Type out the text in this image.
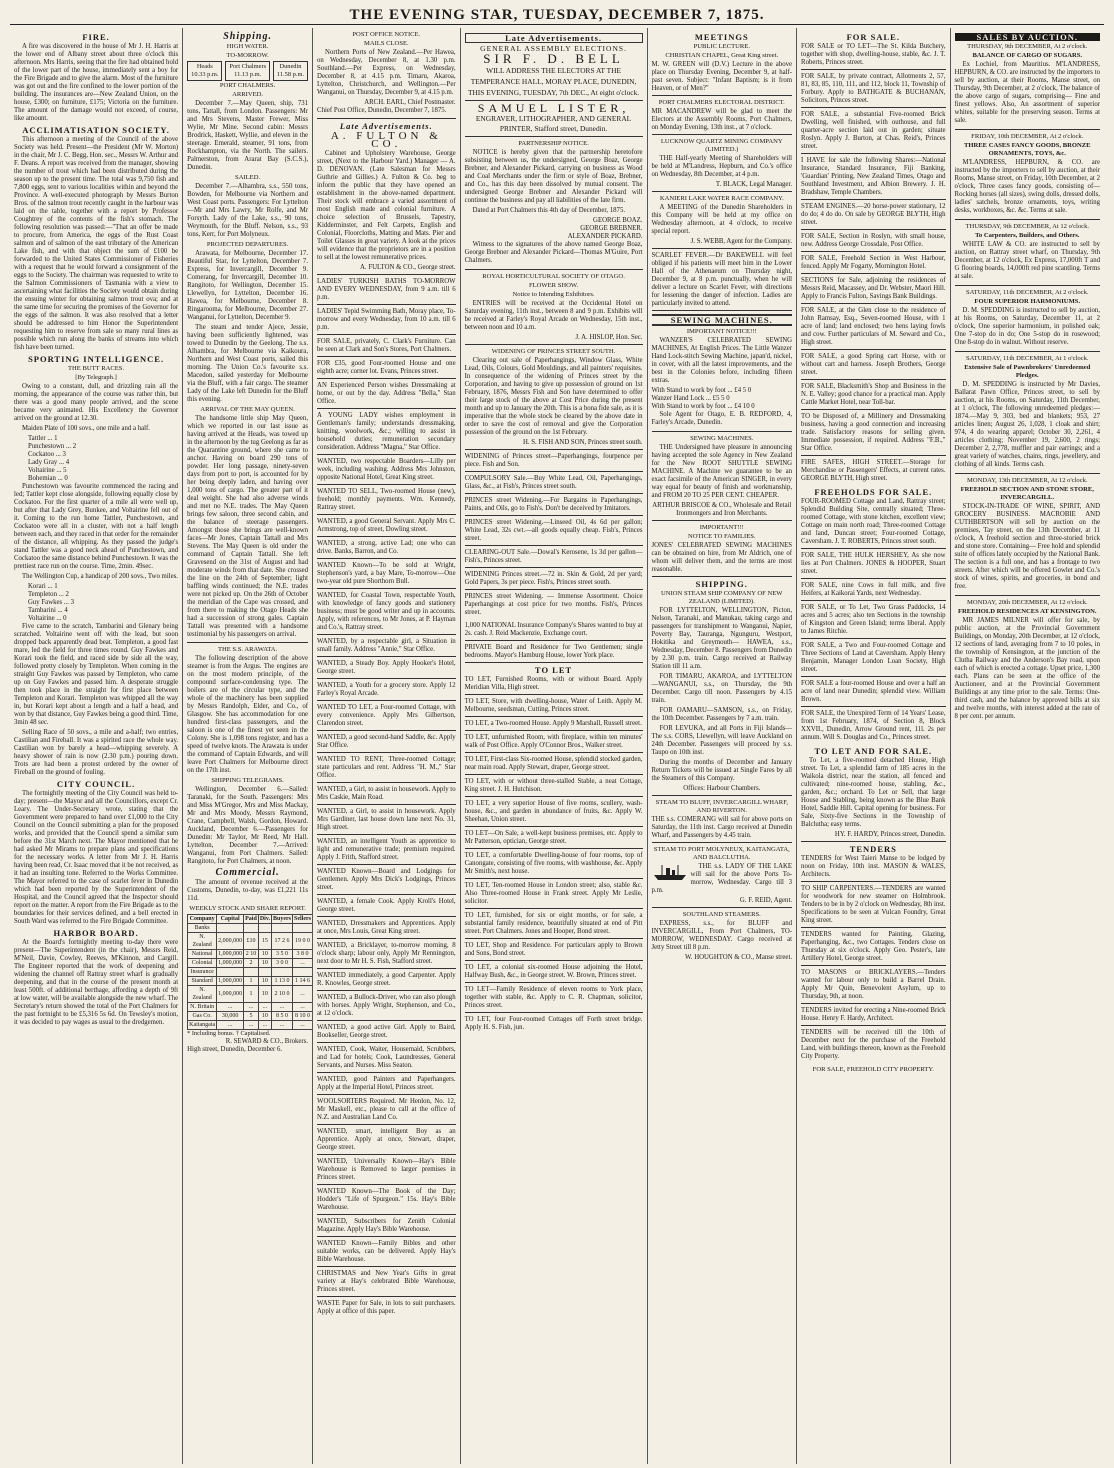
THE EVENING STAR, TUESDAY, DECEMBER 7, 1875.
FIRE.
A fire was discovered in the house of Mr J. H. Harris at the lower end of Albany street about three o'clock this afternoon. Mrs Harris, seeing that the fire had obtained hold of the lower part of the house, immediately sent a boy for the Fire Brigade and to give the alarm. Most of the furniture was got out and the fire confined to the lower portion of the building. The insurances are—New Zealand Union, on the house, £300; on furniture, £175; Victoria on the furniture. The amount of the damage would not exceed, of course, like amount.
ACCLIMATISATION SOCIETY.
This afternoon a meeting of the Council of the above Society was held. Present—the President (Mr W. Morton) in the chair, Mr J. C. Begg, Hon. sec., Messrs W. Arthur and F. Deans. A report was received from the manager, showing the number of trout which had been distributed during the season up to the present time. The total was 9,750 fish and 7,800 eggs, sent to various localities within and beyond the Province. A well-executed photograph by Messrs Burton Bros. of the salmon trout recently caught in the harbour was laid on the table, together with a report by Professor Coughtrey of the contents of the fish's stomach. The following resolution was passed:—"That an offer be made to procure, from America, the eggs of the Rust Coast salmon and of salmon of the east tributary of the American Lake fish, and with that object the sum of £100 be forwarded to the United States Commissioner of Fisheries with a request that he would forward a consignment of the eggs to the Society. The chairman was requested to write to the Salmon Commissioners of Tasmania with a view to ascertaining what facilities the Society would obtain during the ensuing winter for obtaining salmon trout ova; and at the same time for securing the promises of the Governor for the eggs of the salmon. It was also resolved that a letter should be addressed to him Honor the Superintendent requesting him to reserve from sale so many rural lines as possible which run along the banks of streams into which fish have been turned.
SPORTING INTELLIGENCE.
THE BUTT RACES.
[By Telegraph.]
Owing to a constant, dull, and drizzling rain all the morning, the appearance of the course was rather thin, but there was a good many people arrived, and the scene became very animated. His Excellency the Governor arrived on the ground at 12.30.
Maiden Plate of 100 sovs., one mile and a half.
Tattler ... 1
Punchestown ... 2
Cockatoo ... 3
Lady Gray ... 4
Voltairine ... 5
Bohemian ... 0
Punchestown was favourite commenced the racing and led; Tattler kept close alongside, following equally close by Cockatoo. For the first quarter of a mile all were well up, but after that Lady Grey, Bunkee, and Voltairine fell out of it. Coming to the run home Tattler, Punchestown, and Cockatoo were all in a cluster, with not a half length between each, and they raced in that order for the remainder of the distance, all whipping. As they passed the judge's stand Tattler was a good neck ahead of Punchestown, and Cockatoo the same distance behind Punchestown. It was the prettiest race run on the course. Time, 2min. 49sec.
The Wellington Cup, a handicap of 200 sovs., Two miles.
Korari ... 1
Templeton ... 2
Guy Fawkes ... 3
Tambarini ... 4
Voltairine ... 0
Five came to the scratch, Tambarini and Glenary being scratched. Voltairine went off with the lead, but soon dropped back apparently dead beat. Templeton, a good fast mare, led the field for three times round. Guy Fawkes and Korari took the field, and raced side by side all the way, followed pretty closely by Templeton. When coming in the straight Guy Fawkes was passed by Templeton, who came up on Guy Fawkes and passed him. A desperate struggle then took place in the straight for first place between Templeton and Korari. Templeton was whipped all the way in, but Korari kept about a length and a half a head, and won by that distance, Guy Fawkes being a good third. Time, 3min 48 sec.
Selling Race of 50 sovs., a mile and a-half; two entries, Castilian and Fireball. It was a spirited race the whole way. Castilian won by barely a head—whipping severely. A heavy shower of rain is now (2.30 p.m.) pouring down. Trots are had been a protest ordered by the owner of Fireball on the ground of fouling.
CITY COUNCIL.
The fortnightly meeting of the City Council was held to-day; present—the Mayor and all the Councillors, except Cr. Leary. The Under-Secretary wrote, stating that the Government were prepared to hand over £1,000 to the City Council on the Council submitting a plan for the proposed works, and provided that the Council spend a similar sum before the 31st March next. The Mayor mentioned that he had asked Mr Mirams to prepare plans and specifications for the necessary works. A letter from Mr J. H. Harris having been read, Cr. Isaac moved that it be not received, as it had an insulting tone. Referred to the Works Committee. The Mayor referred to the case of scarlet fever in Dunedin which had been reported by the Superintendent of the Hospital, and the Council agreed that the Inspector should report on the matter. A report from the Fire Brigade as to the boundaries for their services defined, and a bell erected in South Ward was referred to the Fire Brigade Committee.
HARBOR BOARD.
At the Board's fortnightly meeting to-day there were present—The Superintendent (in the chair), Messrs Reid, M'Neil, Davie, Cowley, Reeves, M'Kinnon, and Cargill. The Engineer reported that the work of deepening and widening the channel off Rattray street wharf is gradually deepening, and that in the course of the present month at least 500ft. of additional berthage, affording a depth of 9ft at low water, will be available alongside the new wharf. The Secretary's return showed the total of the Port Chalmers for the past fortnight to be £5,316 5s 6d. On Tewsley's motion, it was decided to pay wages as usual to the dredgemen.
Shipping.
HIGH WATER.
TO-MORROW.
Heads
10.33 p.m.
Port Chalmers
11.13 p.m.
Dunedin
11.58 p.m.
PORT CHALMERS.
ARRIVED.
December 7.—May Queen, ship, 731 tons, Tattall, from London. Passengers: Mr and Mrs Stevens, Master Frewer, Miss Wylie, Mr Mine. Second cabin: Messrs Brodrick, Haskett, Wyllie, and eleven in the steerage. Emerald, steamer, 91 tons, from Rockhampton, via the North. The sailers. Palmerston, from Ararat Bay (S.C.S.), Dunedin.
SAILED.
December 7.—Alhambra, s.s., 550 tons, Bowden, for Melbourne via Northern and West Coast ports. Passengers: For Lyttelton—Mr and Mrs Lawry, Mr Rolfe, and Mr Forsyth. Lady of the Lake, s.s., 90 tons, Weymouth, for the Bluff. Nelson, s.s., 93 tons, Kerr, for Port Molyneux.
PROJECTED DEPARTURES.
Arawata, for Melbourne, December 17. Beautiful Star, for Lyttelton, December 7. Express, for Invercargill, December 9. Comerang, for Invercargill, December 10. Rangitoto, for Wellington, December 15. Llewellyn, for Lyttelton, December 16. Hawea, for Melbourne, December 8. Ringarooma, for Melbourne, December 27. Wanganui, for Lyttelton, December 9.
The steam and tender Ajece, Jessie, having been sufficiently lightened, was towed to Dunedin by the Geelong. The s.s. Alhambra, for Melbourne via Kaikoura, Northern and West Coast ports, sailed this morning. The Union Co.'s favourite s.s. Macedon, sailed yesterday for Melbourne via the Bluff, with a fair cargo. The steamer Lady of the Lake left Dunedin for the Bluff this evening.
ARRIVAL OF THE MAY QUEEN.
The handsome little ship May Queen, which we reported in our last issue as having arrived at the Heads, was towed up in the afternoon by the tug Geelong as far as the Quarantine ground, where she came to anchor. Having on board 290 tons of powder. Her long passage, ninety-seven days from port to port, is accounted for by her being deeply laden, and having over 1,000 tons of cargo. The greater part of it deal weight. She had also adverse winds and met no N.E. trades. The May Queen brings few saloon, three second cabin, and the balance of steerage passengers. Amongst those she brings are well-known faces—Mr Jones, Captain Tattall and Mrs Stevens. The May Queen is old under the command of Captain Tattall. She left Gravesend on the 31st of August and had moderate winds from that date. She crossed the line on the 24th of September; light baffling winds continued; the N.E. trades were not picked up. On the 26th of October the meridian of the Cape was crossed, and from there to making the Otago Heads she had a succession of strong gales. Captain Tattall was presented with a handsome testimonial by his passengers on arrival.
THE S.S. ARAWATA.
The following description of the above steamer is from the Argus. The engines are on the most modern principle, of the compound surface-condensing type. The boilers are of the circular type, and the whole of the machinery has been supplied by Messrs Randolph, Elder, and Co., of Glasgow. She has accommodation for one hundred first-class passengers, and the saloon is one of the finest yet seen in the Colony. She is 1,098 tons register, and has a speed of twelve knots. The Arawata is under the command of Captain Edwards, and will leave Port Chalmers for Melbourne direct on the 17th inst.
SHIPPING TELEGRAMS.
Wellington, December 6.—Sailed: Taranaki, for the South. Passengers: Mrs and Miss M'Gregor, Mrs and Miss Mackay, Mr and Mrs Moody, Messrs Raymond, Crane, Campbell, Walsh, Gordon, Howard. Auckland, December 6.—Passengers for Dunedin: Mr Taylor, Mr Reed, Mr Hall. Lyttelton, December 7.—Arrived: Wanganui, from Port Chalmers. Sailed: Rangitoto, for Port Chalmers, at noon.
Commercial.
The amount of revenue received at the Customs, Dunedin, to-day, was £1,221 11s 11d.
WEEKLY STOCK AND SHARE REPORT.
Company	Capital	Paid	Div.	Buyers	Sellers
Banks					
N. Zealand	2,000,000	£10	15	17 2 6	19 0 0
National	1,000,000	2 10	10	3 5 0	3 8 0
Colonial	1,000,000	2	10	3 0 0	...
Insurance					
Standard	1,000,000	1	10	1 13 0	1 14 6
N. Zealand	1,000,000	1	10	2 10 0	...
N. Britain	...	...	...	...	...
Gas Co.	30,000	5	10	8 5 0	8 10 0
Kaitangata	...	...	...	...	...
* Including bonus. † Capitalised.
R. SEWARD & CO., Brokers.
High street, Dunedin, December 6.
POST OFFICE NOTICE.
MAILS CLOSE.
Northern Ports of New Zealand.—Per Hawea, on Wednesday, December 8, at 1.30 p.m. Southland.—Per Express, on Wednesday, December 8, at 4.15 p.m. Timaru, Akaroa, Lyttelton, Christchurch, and Wellington.—Per Wanganui, on Thursday, December 9, at 4.15 p.m.
ARCH. EARL, Chief Postmaster.
Chief Post Office, Dunedin, December 7, 1875.
Late Advertisements.
A. FULTON & CO.
Cabinet and Upholstery Warehouse, George street, (Next to the Harbour Yard.) Manager — A. D. DENOVAN. (Late Salesman for Messrs Guthrie and Gillies.) A. Fulton & Co. beg to inform the public that they have opened an establishment in the above-named department. Their stock will embrace a varied assortment of most English made and colonial furniture. A choice selection of Brussels, Tapestry, Kidderminster, and Felt Carpets, English and Colonial, Floorcloths, Matting and Mats. Pier and Toilet Glasses in great variety. A look at the prices will evidence that the proprietors are in a position to sell at the lowest remunerative prices.
A. FULTON & CO., George street.
LADIES' TURKISH BATHS TO-MORROW AND EVERY WEDNESDAY, from 9 a.m. till 6 p.m.
LADIES' Tepid Swimming Bath, Moray place, To-morrow and every Wednesday, from 10 a.m. till 6 p.m.
FOR SALE, privately, C. Clark's Furniture. Can be seen at Clark and Son's Stores, Port Chalmers.
FOR £35, good Four-roomed House and one eighth acre; corner lot. Evans, Princes street.
AN Experienced Person wishes Dressmaking at home, or out by the day. Address "Bella," Stan Office.
A YOUNG LADY wishes employment in Gentleman's family; understands dressmaking, knitting, woolwork, &c.; willing to assist in household duties; remuneration secondary consideration. Address "Magna," Star Office.
WANTED, two respectable Boarders—Lilly per week, including washing. Address Mrs Johnston, opposite National Hotel, Great King street.
WANTED TO SELL, Two-roomed House (new), freehold; monthly payments. Wm. Kennedy, Rattray street.
WANTED, a good General Servant. Apply Mrs C. Armstrong, top of street, Dowling street.
WANTED, a strong, active Lad; one who can drive. Banks, Barron, and Co.
WANTED Known—To be sold at Wright, Stephenson's yard, a bay Mare, To-morrow—One two-year old pure Shorthorn Bull.
WANTED, for Coastal Town, respectable Youth, with knowledge of fancy goods and stationery business; must be good writer and up in accounts. Apply, with references, to Mr Jones, at P. Hayman and Co.'s, Rattray street.
WANTED, by a respectable girl, a Situation in small family. Address "Annie," Star Office.
WANTED, a Steady Boy. Apply Hooker's Hotel, George street.
WANTED, a Youth for a grocery store. Apply 12 Farley's Royal Arcade.
WANTED TO LET, a Four-roomed Cottage, with every convenience. Apply Mrs Gilbertson, Clarendon street.
WANTED, a good second-hand Saddle, &c. Apply Star Office.
WANTED TO RENT, Three-roomed Cottage; state particulars and rent. Address "H. M.," Star Office.
WANTED, a Girl, to assist in housework. Apply to Mrs Caskie, Main Road.
WANTED, a Girl, to assist in housework. Apply Mrs Gardiner, last house down lane next No. 31, High street.
WANTED, an intelligent Youth as apprentice to light and remunerative trade; premium required. Apply J. Frith, Stafford street.
WANTED Known—Board and Lodgings for Gentlemen. Apply Mrs Dick's Lodgings, Princes street.
WANTED, a female Cook. Apply Kroll's Hotel, George street.
WANTED, Dressmakers and Apprentices. Apply at once, Mrs Louis, Great King street.
WANTED, a Bricklayer, to-morrow morning, 8 o'clock sharp; labour only, Apply Mr Rennington, next door to Mr H. S. Fish, Stafford street.
WANTED immediately, a good Carpenter. Apply R. Knowles, George street.
WANTED, a Bullock-Driver, who can also plough with horses. Apply Wright, Stephenson, and Co., at 12 o'clock.
WANTED, a good active Girl. Apply to Baird, Bookseller, George street.
WANTED, Cook, Waiter, Housemaid, Scrubbers, and Lad for hotels; Cook, Laundresses, General Servants, and Nurses. Miss Seaton.
WANTED, good Painters and Paperhangers. Apply at the Imperial Hotel, Princes street.
WOOLSORTERS Required. Mr Henlon, No. 12, Mr Maskell, etc., please to call at the office of N.Z. and Australian Land Co.
WANTED, smart, intelligent Boy as an Apprentice. Apply at once, Stewart, draper, George street.
WANTED, Universally Known—Hay's Bible Warehouse is Removed to larger premises in Princes street.
WANTED Known—The Book of the Day; Hodder's "Life of Spurgeon." 15s. Hay's Bible Warehouse.
WANTED, Subscribers for Zenith Colonial Magazine. Apply Hay's Bible Warehouse.
WANTED Known—Family Bibles and other suitable works, can be delivered. Apply Hay's Bible Warehouse.
CHRISTMAS and New Year's Gifts in great variety at Hay's celebrated Bible Warehouse, Princes street.
WASTE Paper for Sale, in lots to suit purchasers. Apply at office of this paper.
Late Advertisements.
GENERAL ASSEMBLY ELECTIONS.
SIR F. D. BELL
WILL ADDRESS THE ELECTORS AT THE TEMPERANCE HALL, MORAY PLACE, DUNEDIN, THIS EVENING, TUESDAY, 7th DEC., At eight o'clock.
SAMUEL LISTER,
ENGRAVER, LITHOGRAPHER, AND GENERAL PRINTER, Stafford street, Dunedin.
PARTNERSHIP NOTICE.
NOTICE is hereby given that the partnership heretofore subsisting between us, the undersigned, George Boaz, George Brebner, and Alexander Pickard, carrying on business as Wood and Coal Merchants under the firm or style of Boaz, Brebner, and Co., has this day been dissolved by mutual consent. The undersigned George Brebner and Alexander Pickard will continue the business and pay all liabilities of the late firm.
Dated at Port Chalmers this 4th day of December, 1875.
GEORGE BOAZ.
GEORGE BREBNER.
ALEXANDER PICKARD.
Witness to the signatures of the above named George Boaz, George Brebner and Alexander Pickard—Thomas M'Guire, Port Chalmers.
ROYAL HORTICULTURAL SOCIETY OF OTAGO.
FLOWER SHOW.
Notice to Intending Exhibitors.
ENTRIES will be received at the Occidental Hotel on Saturday evening, 11th inst., between 8 and 9 p.m. Exhibits will be received at Farley's Royal Arcade on Wednesday, 15th inst., between noon and 10 a.m.
J. A. HISLOP, Hon. Sec.
WIDENING OF PRINCES STREET SOUTH.
Clearing out sale of Paperhangings, Window Glass, White Lead, Oils, Colours, Gold Mouldings, and all painters' requisites. In consequence of the widening of Princes street by the Corporation, and having to give up possession of ground on 1st February, 1876, Messrs Fish and Son have determined to offer their large stock of the above at Cost Price during the present month and up to January the 20th. This is a bona fide sale, as it is imperative that the whole stock be cleared by the above date in order to save the cost of removal and give the Corporation possession of the ground on the 1st February.
H. S. FISH AND SON, Princes street south.
WIDENING of Princes street—Paperhangings, fourpence per piece. Fish and Son.
COMPULSORY Sale.—Buy White Lead, Oil, Paperhangings, Glass, &c., at Fish's, Princes street south.
PRINCES street Widening.—For Bargains in Paperhangings, Paints, and Oils, go to Fish's. Don't be deceived by Imitators.
PRINCES street Widening.—Linseed Oil, 4s 6d per gallon; White Lead, 32s cwt.—all goods equally cheap. Fish's, Princes street.
CLEARING-OUT Sale.—Dowal's Kerosene, 1s 3d per gallon—Fish's, Princes street.
WIDENING Princes street.—72 in. Skin & Gold, 2d per yard; Gold Papers, 3s per piece. Fish's, Princes street south.
PRINCES street Widening. — Immense Assortment. Choice Paperhangings at cost price for two months. Fish's, Princes street.
1,000 NATIONAL Insurance Company's Shares wanted to buy at 2s. cash. J. Reid Mackenzie, Exchange court.
PRIVATE Board and Residence for Two Gentlemen; single bedrooms. Mayor's Hamburg House, lower York place.
TO LET
TO LET, Furnished Rooms, with or without Board. Apply Meridian Villa, High street.
TO LET, Store, with dwelling-house, Water of Leith. Apply M. Melbourne, seedsman, Cutting, Princes street.
TO LET, a Two-roomed House. Apply 9 Marshall, Russell street.
TO LET, unfurnished Room, with fireplace, within ten minutes' walk of Post Office. Apply O'Connor Bros., Walker street.
TO LET, First-class Six-roomed House, splendid stocked garden, near main road. Apply Stewart, draper, George street.
TO LET, with or without three-stalled Stable, a neat Cottage, King street. J. H. Hutchison.
TO LET, a very superior House of five rooms, scullery, wash-house, &c., and garden in abundance of fruits, &c. Apply W. Sheehan, Union street.
TO LET—On Sale, a well-kept business premises, etc. Apply to Mr Patterson, optician, George street.
TO LET, a comfortable Dwelling-house of four rooms, top of Canongate, consisting of five rooms, with washhouse, &c. Apply Mr Smith's, next house.
TO LET, Ten-roomed House in London street; also, stable &c. Also Three-roomed House in Frank street. Apply Mr Leslie, solicitor.
TO LET, furnished, for six or eight months, or for sale, a substantial family residence, beautifully situated at end of Pitt street. Port Chalmers. Jones and Hooper, Bond street.
TO LET, Shop and Residence. For particulars apply to Brown and Sons, Bond street.
TO LET, a colonial six-roomed House adjoining the Hotel, Halfway Bush, &c., in George street. W. Brown, Princes street.
TO LET—Family Residence of eleven rooms to York place, together with stable, &c. Apply to C. R. Chapman, solicitor, Princes street.
TO LET, four Four-roomed Cottages off Forth street bridge. Apply H. S. Fish, jun.
MEETINGS
PUBLIC LECTURE.
CHRISTIAN CHAPEL, Great King street.
M. W. GREEN will (D.V.) Lecture in the above place on Thursday Evening, December 9, at half-past seven. Subject: "Infant Baptism; is it from Heaven, or of Men?"
PORT CHALMERS ELECTORAL DISTRICT.
MR MACANDREW will be glad to meet the Electors at the Assembly Rooms, Port Chalmers, on Monday Evening, 13th inst., at 7 o'clock.
LUCKNOW QUARTZ MINING COMPANY (LIMITED.)
THE Half-yearly Meeting of Shareholders will be held at M'Landress, Hepburn, and Co.'s office on Wednesday, 8th December, at 4 p.m.
T. BLACK, Legal Manager.
KANIERI LAKE WATER RACE COMPANY.
A MEETING of the Dunedin Shareholders in this Company will be held at my office on Wednesday afternoon, at 4 o'clock, to receive special report.
J. S. WEBB, Agent for the Company.
SCARLET FEVER.—Dr BAKEWELL will feel obliged if his patients will meet him in the Lower Hall of the Athenaeum on Thursday night, December 9, at 8 p.m. punctually, when he will deliver a lecture on Scarlet Fever, with directions for lessening the danger of infection. Ladies are particularly invited to attend.
SEWING MACHINES.
IMPORTANT NOTICE!!!
WANZER'S CELEBRATED SEWING MACHINES, At English Prices. The Little Wanzer Hand Lock-stitch Sewing Machine, japan'd, nickel, in cover, with all the latest improvements, and the best in the Colonies before, including fifteen extras.
With Stand to work by foot ... £4 5 0
Wanzer Hand Lock ... £5 5 0
With Stand to work by foot ... £4 10 0
Sole Agent for Otago, E. B. REDFORD, 4, Farley's Arcade, Dunedin.
SEWING MACHINES.
THE Undersigned have pleasure in announcing having accepted the sole Agency in New Zealand for the New ROOT SHUTTLE SEWING MACHINE. A Machine we guarantee to be an exact facsimile of the American SINGER, in every way equal for beauty of finish and workmanship, and FROM 20 TO 25 PER CENT. CHEAPER.
ARTHUR BRISCOE & CO., Wholesale and Retail Ironmongers and Iron Merchants.
IMPORTANT!!!
NOTICE TO FAMILIES.
JONES' CELEBRATED SEWING MACHINES can be obtained on hire, from Mr Aldrich, one of whom will deliver them, and the terms are most reasonable.
SHIPPING.
UNION STEAM SHIP COMPANY OF NEW ZEALAND (LIMITED).
FOR LYTTELTON, WELLINGTON, Picton, Nelson, Taranaki, and Manukau, taking cargo and passengers for transhipment to Wanganui, Napier, Poverty Bay, Tauranga, Ngunguru, Westport, Hokitika and Greymouth— HAWEA, s.s., Wednesday, December 8. Passengers from Dunedin by 2.30 p.m. train. Cargo received at Railway Station till 11 a.m.
FOR TIMARU, AKAROA, and LYTTELTON—WANGANUI, s.s., on Thursday, the 9th December. Cargo till noon. Passengers by 4.15 train.
FOR OAMARU—SAMSON, s.s., on Friday, the 10th December. Passengers by 7 a.m. train.
FOR LEVUKA, and all Ports in Fiji Islands—The s.s. CORS, Llewellyn, will leave Auckland on 24th December. Passengers will proceed by s.s. Taupo on 10th inst.
During the months of December and January Return Tickets will be issued at Single Fares by all the Steamers of this Company.
Offices: Harbour Chambers.
STEAM TO BLUFF, INVERCARGILL WHARF, AND RIVERTON.
THE s.s. COMERANG will sail for above ports on Saturday, the 11th inst. Cargo received at Dunedin Wharf, and Passengers by 4.45 train.
STEAM TO PORT MOLYNEUX, KAITANGATA, AND BALCLUTHA.
THE s.s. LADY OF THE LAKE will sail for the above Ports To-morrow, Wednesday. Cargo till 3 p.m.
G. F. REID, Agent.
SOUTHLAND STEAMERS.
EXPRESS, s.s., for BLUFF and INVERCARGILL, From Port Chalmers, TO-MORROW, WEDNESDAY. Cargo received at Jetty Street till 8 p.m.
W. HOUGHTON & CO., Manse street.
FOR SALE.
FOR SALE or TO LET—The St. Kilda Butchery, together with shop, dwelling-house, stable, &c. J. T. Roberts, Princes street.
FOR SALE, by private contract, Allotments 2, 57, 81, 83, 85, 110, 111, and 112, block 11, Township of Forbury. Apply to BATHGATE & BUCHANAN, Solicitors, Princes street.
FOR SALE, a substantial Five-roomed Brick Dwelling, well finished, with outhouse, and full quarter-acre section laid out in garden; situate Roslyn. Apply J. Burton, at Chas. Reid's, Princes street.
I HAVE for sale the following Shares:—National Insurance, Standard Insurance, Fiji Banking, 'Guardian' Printing, New Zealand Times, Otago and Southland Investment, and Albion Brewery. J. H. Bradshaw, Temple Chambers.
STEAM ENGINES.—20 horse-power stationary, 12 do do; 4 do do. On sale by GEORGE BLYTH, High street.
FOR SALE, Section in Roslyn, with small house, new. Address George Crossdale, Post Office.
FOR SALE, Freehold Section in West Harbour, fenced. Apply Mr Fogarty, Mornington Hotel.
SECTIONS for Sale, adjoining the residences of Messrs Reid, Macassey, and Dr. Webster, Maori Hill. Apply to Francis Fulton, Savings Bank Buildings.
FOR SALE, at the Glen close to the residence of John Ramsay, Esq., Seven-roomed House, with 1 acre of land; land enclosed; two hens laying fowls and cow. Further particulars of M. Seward and Co., High street.
FOR SALE, a good Spring cart Horse, with or without cart and harness. Joseph Brothers, George street.
FOR SALE, Blacksmith's Shop and Business in the N. E. Valley; good chance for a practical man. Apply Cattle Market Hotel, near Toll-bar.
TO be Disposed of, a Millinery and Dressmaking business, having a good connection and increasing trade. Satisfactory reasons for selling given. Immediate possession, if required. Address "F.B.," Star Office.
FIRE SAFES, HIGH STREET.—Storage for Merchandise or Passengers' Effects, at current rates. GEORGE BLYTH, High street.
FREEHOLDS FOR SALE.
FOUR-ROOMED Cottage and Land, Rattray street; Splendid Building Site, centrally situated; Three-roomed Cottage, with stone kitchen, excellent view; Cottage on main north road; Three-roomed Cottage and land, Duncan street; Four-roomed Cottage, Caversham. J. T. ROBERTS, Princes street south.
FOR SALE, THE HULK HERSHEY, As she now lies at Port Chalmers. JONES & HOOPER, Stuart street.
FOR SALE, nine Cows in full milk, and five Heifers, at Kaikorai Yards, next Wednesday.
FOR SALE, or To Let, Two Grass Paddocks, 14 acres and 5 acres; also ten Sections in the township of Kingston and Green Island; terms liberal. Apply to James Ritchie.
FOR SALE, a Two and Four-roomed Cottage and Three Sections of Land at Caversham. Apply Henry Benjamin, Manager London Loan Society, High street.
FOR SALE a four-roomed House and over a half an acre of land near Dunedin; splendid view. William Brown.
FOR SALE, the Unexpired Term of 14 Years' Lease, from 1st February, 1874, of Section 8, Block XXVII., Dunedin, Arrow Ground rent, 11l. 2s per annum. Will S. Douglas and Co., Princes street.
TO LET AND FOR SALE.
To Let, a five-roomed detached House, High street. To Let, a splendid farm of 185 acres in the Waikola district, near the station, all fenced and cultivated; nine-roomed house, stabling, &c., garden, &c.; orchard. To Let or Sell, that large House and Stabling, being known as the Blue Bank Hotel, Saddle Hill. Capital opening for business. For Sale, Sixty-five Sections in the Township of Balclutha; easy terms.
HY. F. HARDY, Princes street, Dunedin.
TENDERS
TENDERS for West Taieri Manse to be lodged by noon on Friday, 10th inst. MASON & WALES, Architects.
TO SHIP CARPENTERS.—TENDERS are wanted for woodwork for new steamer on Holmbrook. Tenders to be in by 2 o'clock on Wednesday, 8th inst. Specifications to be seen at Vulcan Foundry, Great King street.
TENDERS wanted for Painting, Glazing, Paperhanging, &c., two Cottages. Tenders close on Thursday at six o'clock. Apply Geo. Pester's, late Artillery Hotel, George street.
TO MASONS or BRICKLAYERS.—Tenders wanted for labour only to build a Barrel Drain. Apply Mr Quin, Benevolent Asylum, up to Thursday, 9th, at noon.
TENDERS invited for erecting a Nine-roomed Brick House. Henry F. Hardy, Architect.
TENDERS will be received till the 10th of December next for the purchase of the Freehold Land, with buildings thereon, known as the Freehold City Property.
FOR SALE, FREEHOLD CITY PROPERTY.
SALES BY AUCTION.
THURSDAY, 9th DECEMBER, At 2 o'clock.
BALANCE OF CARGO OF SUGARS.
Ex Lochiel, from Mauritius. M'LANDRESS, HEPBURN, & CO. are instructed by the importers to sell by auction, at their Rooms, Manse street, on Thursday, 9th December, at 2 o'clock, The balance of the above cargo of sugars, comprising— Fine and finest yellows. Also, An assortment of superior whites, suitable for the preserving season. Terms at sale.
FRIDAY, 10th DECEMBER, At 2 o'clock.
THREE CASES FANCY GOODS, BRONZE ORNAMENTS, TOYS, &c.
M'LANDRESS, HEPBURN, & CO. are instructed by the importers to sell by auction, at their Rooms, Manse street, on Friday, 10th December, at 2 o'clock, Three cases fancy goods, consisting of— Rocking horses (all sizes), swing dolls, dressed dolls, ladies' satchels, bronze ornaments, toys, writing desks, workboxes, &c. &c. Terms at sale.
THURSDAY, 9th DECEMBER, At 12 o'clock.
To Carpenters, Builders, and Others.
WHITE LAW & CO. are instructed to sell by auction, on Rattray street wharf, on Thursday, 9th December, at 12 o'clock, Ex Express, 17,000ft T and G flooring boards, 14,000ft red pine scantling. Terms at sale.
SATURDAY, 11th DECEMBER, At 2 o'clock.
FOUR SUPERIOR HARMONIUMS.
D. M. SPEDDING is instructed to sell by auction, at his Rooms, on Saturday, December 11, at 2 o'clock, One superior harmonium, in polished oak; One 7-stop do in do; One 5-stop do in rosewood; One 8-stop do in walnut. Without reserve.
SATURDAY, 11th DECEMBER, At 1 o'clock.
Extensive Sale of Pawnbrokers' Unredeemed Pledges.
D. M. SPEDDING is instructed by Mr Davies, Ballarat Pawn Office, Princes street, to sell by auction, at his Rooms, on Saturday, 11th December, at 1 o'clock, The following unredeemed pledges:— 1874.—May 9, 303, bed and blankets; 953, 27 articles linen; August 26, 1,028, 1 cloak and shirt; 974, 4 do wearing apparel; October 30, 2,261, 4 articles clothing; November 19, 2,600, 2 rings; December 2, 2,778, muffler and pair earrings; and a great variety of watches, chains, rings, jewellery, and clothing of all kinds. Terms cash.
MONDAY, 13th DECEMBER, At 12 o'clock.
FREEHOLD SECTION AND STONE STORE, INVERCARGILL.
STOCK-IN-TRADE OF WINE, SPIRIT, AND GROCERY BUSINESS. MACROBIE AND CUTHBERTSON will sell by auction on the premises, Tay street, on the 13th December, at 11 o'clock, A freehold section and three-storied brick and stone store. Containing— Free hold and splendid suite of offices lately occupied by the National Bank. The section is a full one, and has a frontage to two streets. After which will be offered Gowlet and Co.'s stock of wines, spirits, and groceries, in bond and free.
MONDAY, 20th DECEMBER, At 12 o'clock.
FREEHOLD RESIDENCES AT KENSINGTON.
MR JAMES MILNER will offer for sale, by public auction, at the Provincial Government Buildings, on Monday, 20th December, at 12 o'clock, 12 sections of land, averaging from 7 to 10 poles, in the township of Kensington, at the junction of the Clutha Railway and the Anderson's Bay road, upon each of which is erected a cottage. Upset price, 1,300 each. Plans can be seen at the office of the Auctioneer, and at the Provincial Government Buildings at any time prior to the sale. Terms: One-third cash, and the balance by approved bills at six and twelve months, with interest added at the rate of 8 per cent. per annum.
